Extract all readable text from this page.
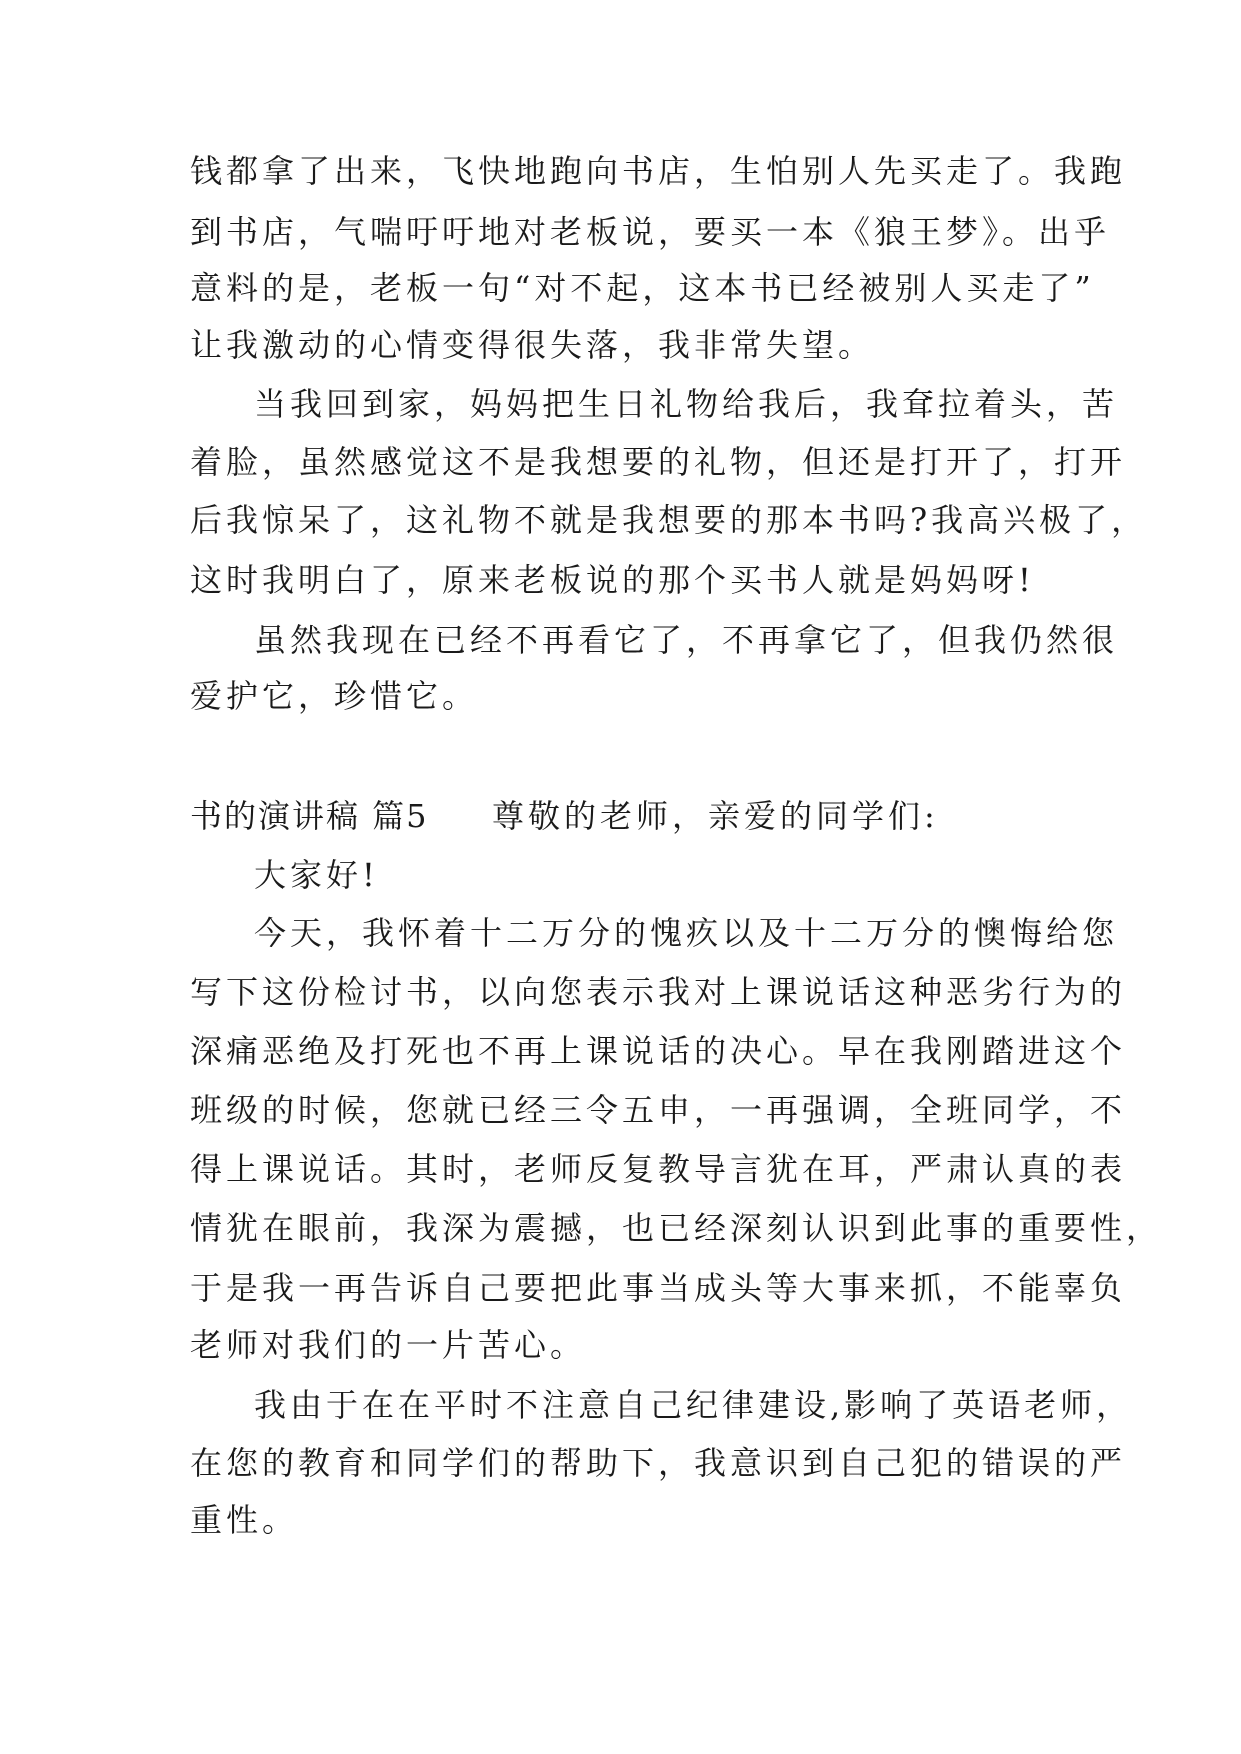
钱都拿了出来，飞快地跑向书店，生怕别人先买走了。我跑

到书店，气喘吁吁地对老板说，要买一本《狼王梦》。出乎

意料的是，老板一句“对不起，这本书已经被别人买走了”

让我激动的心情变得很失落，我非常失望。

当我回到家，妈妈把生日礼物给我后，我耷拉着头，苦

着脸，虽然感觉这不是我想要的礼物，但还是打开了，打开

后我惊呆了，这礼物不就是我想要的那本书吗?我高兴极了，

这时我明白了，原来老板说的那个买书人就是妈妈呀!

虽然我现在已经不再看它了，不再拿它了，但我仍然很

爱护它，珍惜它。

书的演讲稿 篇5 尊敬的老师，亲爱的同学们:

大家好!

今天，我怀着十二万分的愧疚以及十二万分的懊悔给您

写下这份检讨书，以向您表示我对上课说话这种恶劣行为的

深痛恶绝及打死也不再上课说话的决心。早在我刚踏进这个

班级的时候，您就已经三令五申，一再强调，全班同学，不

得上课说话。其时，老师反复教导言犹在耳，严肃认真的表

情犹在眼前，我深为震撼，也已经深刻认识到此事的重要性，

于是我一再告诉自己要把此事当成头等大事来抓，不能辜负

老师对我们的一片苦心。

我由于在在平时不注意自己纪律建设,影响了英语老师，

在您的教育和同学们的帮助下，我意识到自己犯的错误的严

重性。
